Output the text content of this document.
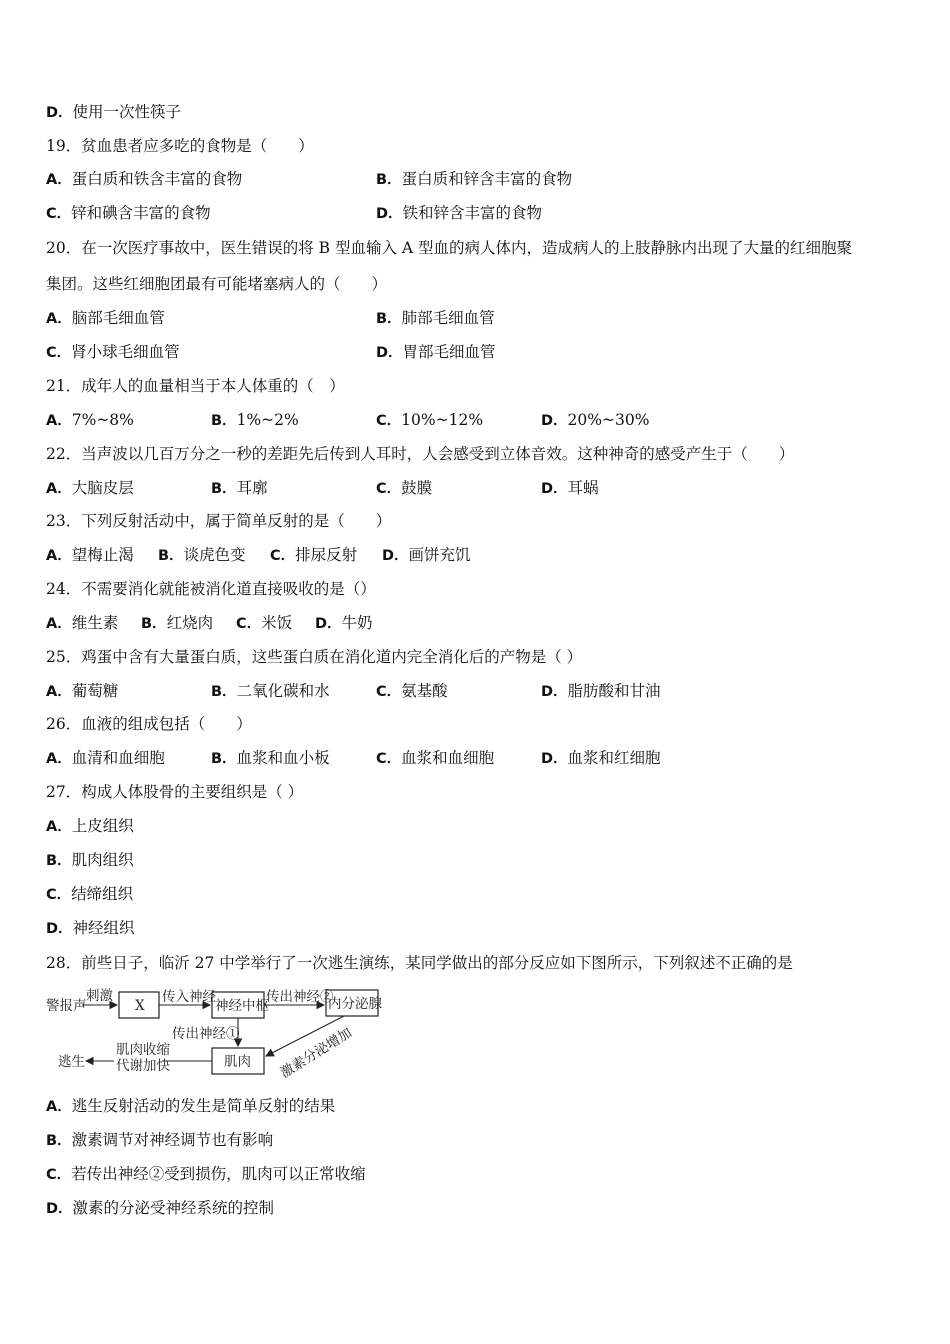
D．使用一次性筷子
19．贫血患者应多吃的食物是（　　）
A．蛋白质和铁含丰富的食物	B．蛋白质和锌含丰富的食物
C．锌和碘含丰富的食物	D．铁和锌含丰富的食物
20．在一次医疗事故中，医生错误的将 B 型血输入 A 型血的病人体内，造成病人的上肢静脉内出现了大量的红细胞聚
集团。这些红细胞团最有可能堵塞病人的（　　）
A．脑部毛细血管	B．肺部毛细血管
C．肾小球毛细血管	D．胃部毛细血管
21．成年人的血量相当于本人体重的（　）
A．7%~8%	B．1%~2%	C．10%~12%	D．20%~30%
22．当声波以几百万分之一秒的差距先后传到人耳时，人会感受到立体音效。这种神奇的感受产生于（　　）
A．大脑皮层	B．耳廓	C．鼓膜	D．耳蜗
23．下列反射活动中，属于简单反射的是（　　）
A．望梅止渴 B．谈虎色变 C．排尿反射 D．画饼充饥
24．不需要消化就能被消化道直接吸收的是（）
A．维生素 B．红烧肉 C．米饭 D．牛奶
25．鸡蛋中含有大量蛋白质，这些蛋白质在消化道内完全消化后的产物是（ ）
A．葡萄糖	B．二氧化碳和水	C．氨基酸	D．脂肪酸和甘油
26．血液的组成包括（　　）
A．血清和血细胞	B．血浆和血小板	C．血浆和血细胞	D．血浆和红细胞
27．构成人体股骨的主要组织是（ ）
A．上皮组织
B．肌肉组织
C．结缔组织
D．神经组织
28．前些日子，临沂 27 中学举行了一次逃生演练，某同学做出的部分反应如下图所示，下列叙述不正确的是
警报声
刺激
X
传入神经
神经中枢
传出神经②
内分泌腺
传出神经①
肌肉
肌肉收缩
代谢加快
逃生	激素分泌增加
A．逃生反射活动的发生是简单反射的结果
B．激素调节对神经调节也有影响
C．若传出神经②受到损伤，肌肉可以正常收缩
D．激素的分泌受神经系统的控制
